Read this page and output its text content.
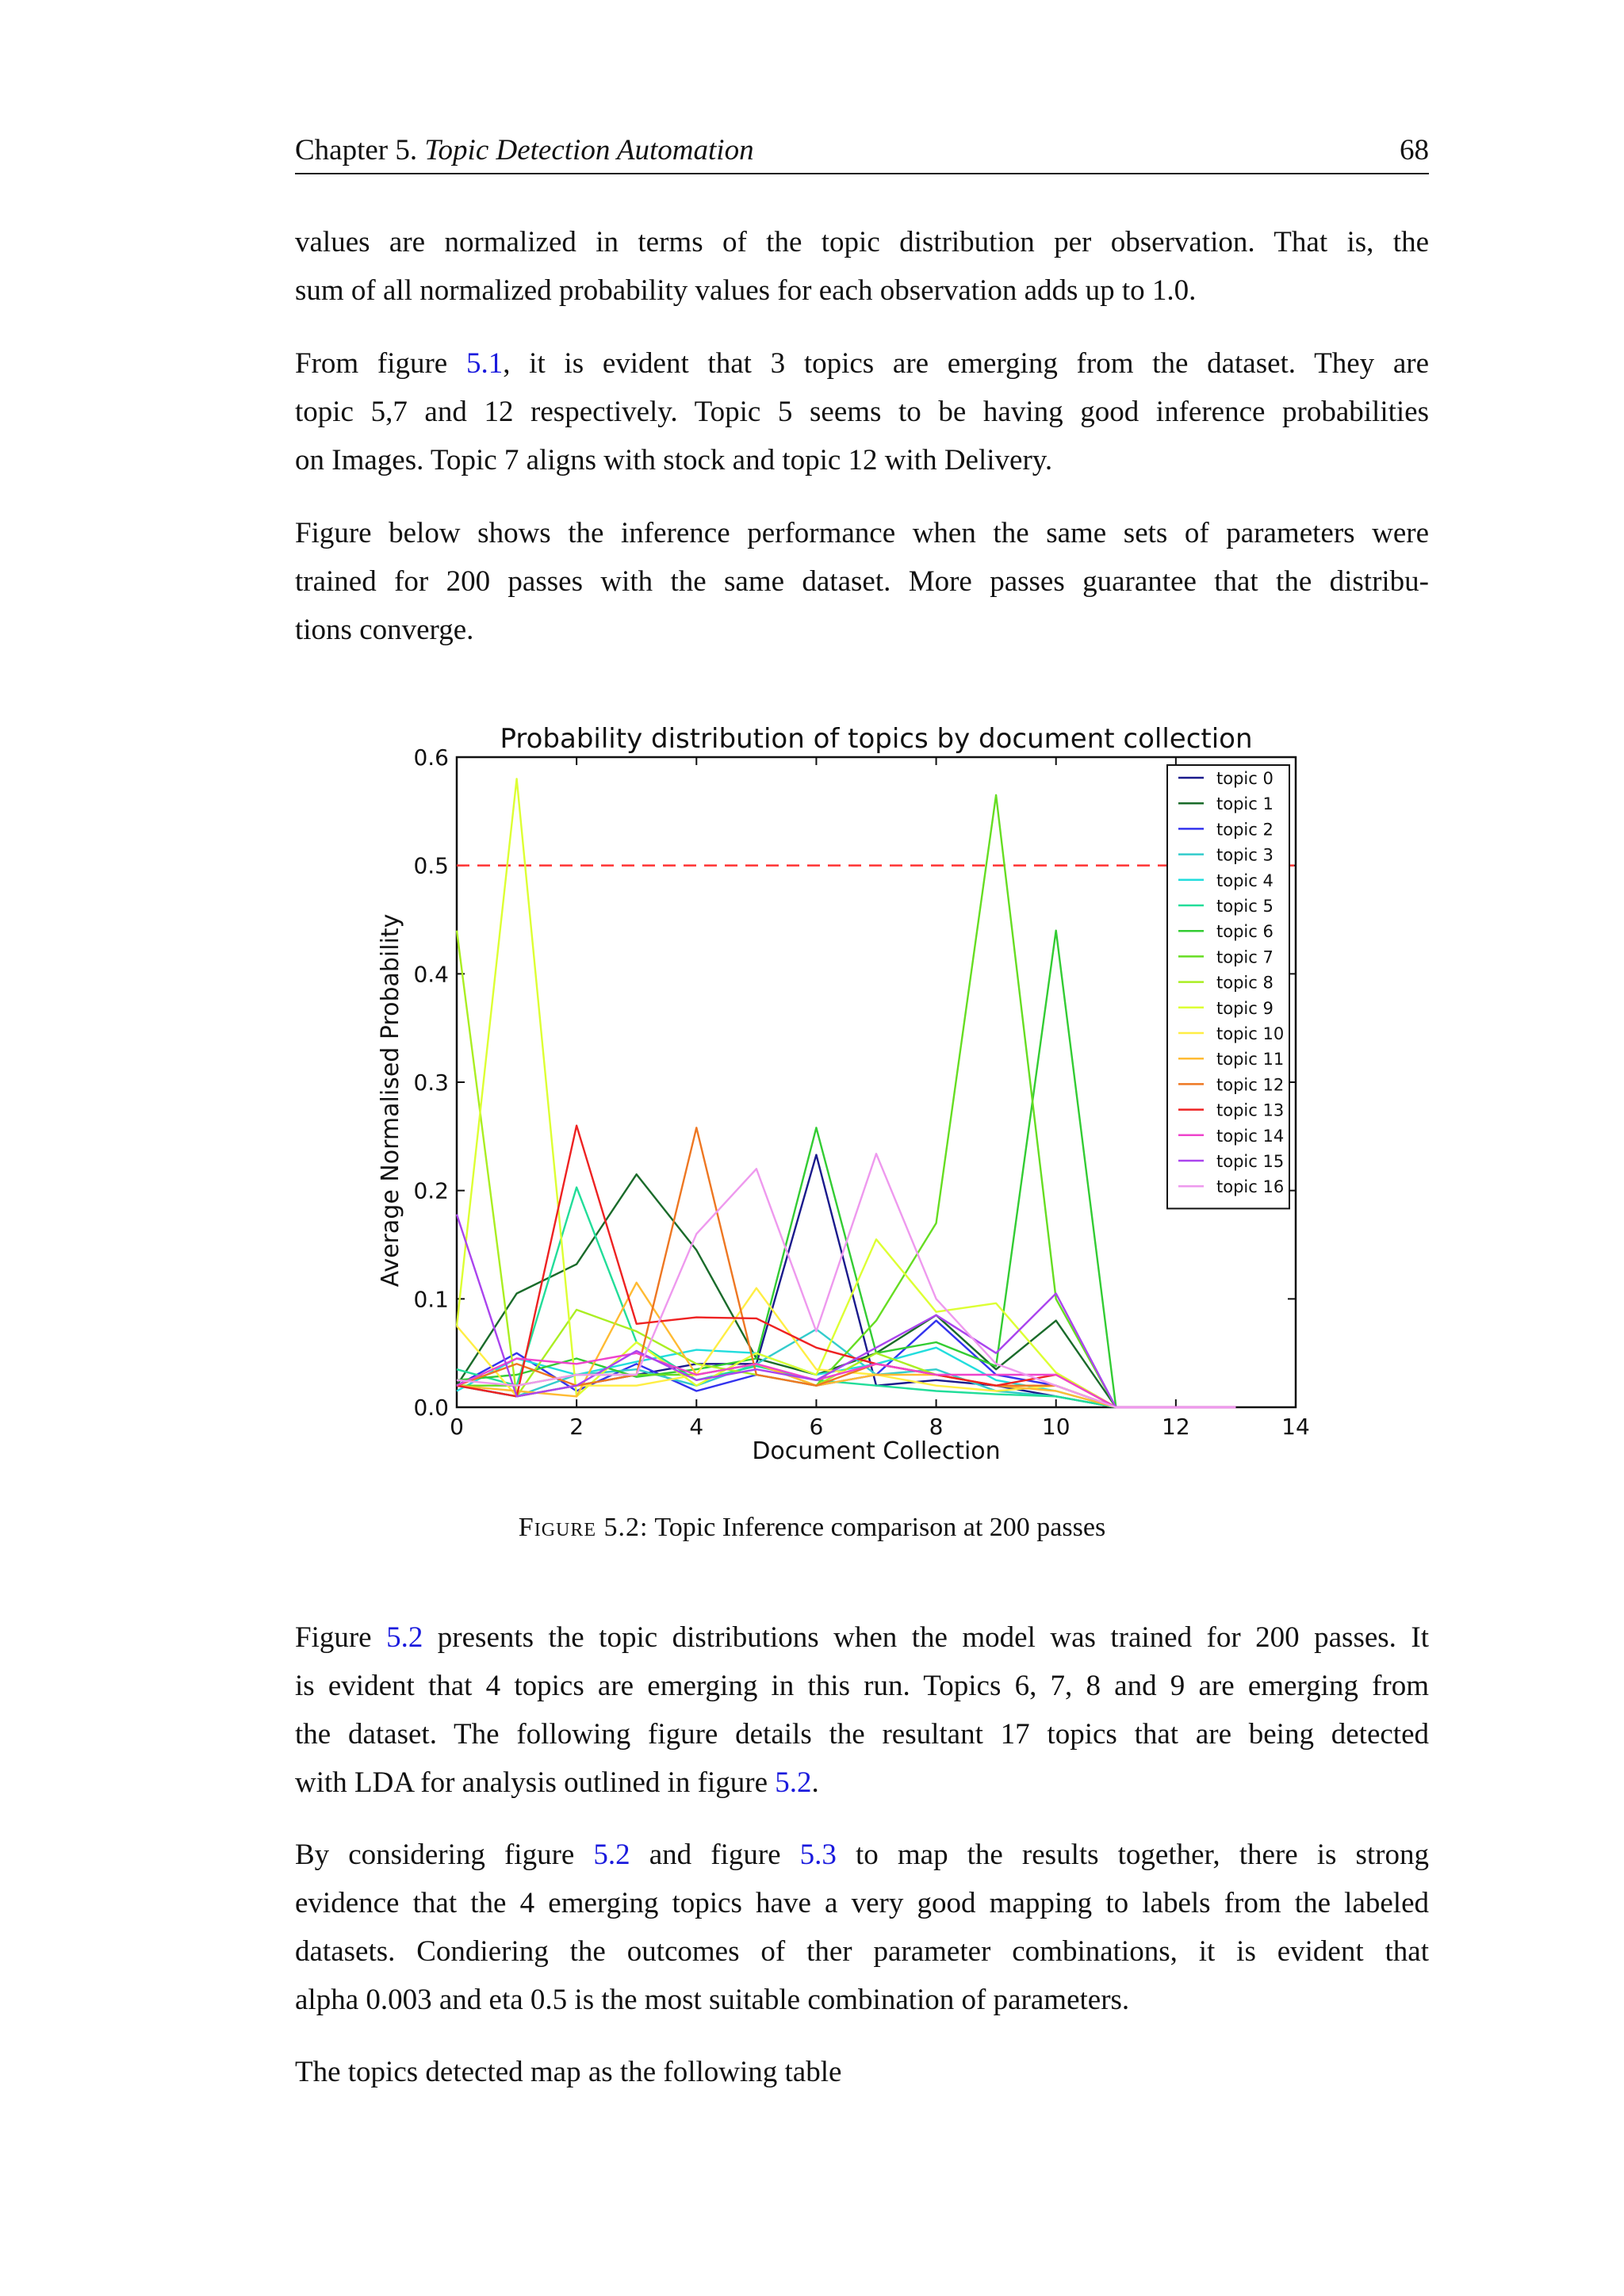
Chapter 5. Topic Detection Automation	68

values are normalized in terms of the topic distribution per observation. That is, the
sum of all normalized probability values for each observation adds up to 1.0.

From figure 5.1, it is evident that 3 topics are emerging from the dataset. They are
topic 5,7 and 12 respectively. Topic 5 seems to be having good inference probabilities
on Images. Topic 7 aligns with stock and topic 12 with Delivery.

Figure below shows the inference performance when the same sets of parameters were
trained for 200 passes with the same dataset. More passes guarantee that the distribu-
tions converge.

Probability distribution of topics by document collection
Average Normalised Probability
Document Collection
0	2	4	6	8	10	12	14
0.0
0.1
0.2
0.3
0.4
0.5
0.6
topic 0
topic 1
topic 2
topic 3
topic 4
topic 5
topic 6
topic 7
topic 8
topic 9
topic 10
topic 11
topic 12
topic 13
topic 14
topic 15
topic 16
Figure 5.2: Topic Inference comparison at 200 passes

Figure 5.2 presents the topic distributions when the model was trained for 200 passes. It
is evident that 4 topics are emerging in this run. Topics 6, 7, 8 and 9 are emerging from
the dataset. The following figure details the resultant 17 topics that are being detected
with LDA for analysis outlined in figure 5.2.

By considering figure 5.2 and figure 5.3 to map the results together, there is strong
evidence that the 4 emerging topics have a very good mapping to labels from the labeled
datasets. Condiering the outcomes of ther parameter combinations, it is evident that
alpha 0.003 and eta 0.5 is the most suitable combination of parameters.

The topics detected map as the following table
